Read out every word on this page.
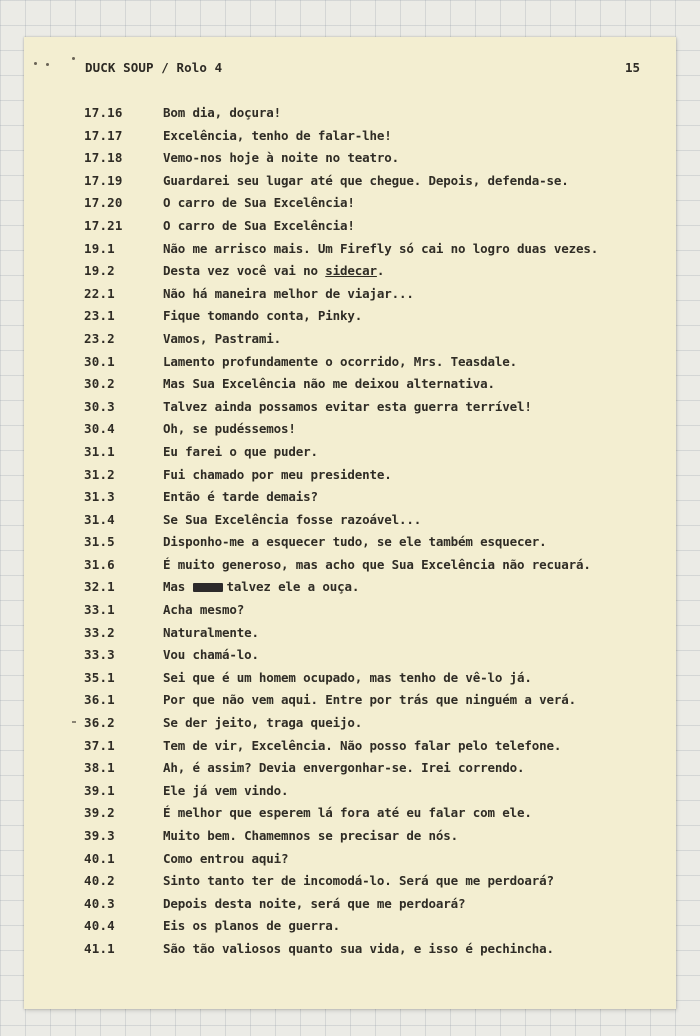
DUCK SOUP / Rolo 4	15
17.16	Bom dia, doçura!
17.17	Excelência, tenho de falar-lhe!
17.18	Vemo-nos hoje à noite no teatro.
17.19	Guardarei seu lugar até que chegue. Depois, defenda-se.
17.20	O carro de Sua Excelência!
17.21	O carro de Sua Excelência!
19.1	Não me arrisco mais. Um Firefly só cai no logro duas vezes.
19.2	Desta vez você vai no sidecar.
22.1	Não há maneira melhor de viajar...
23.1	Fique tomando conta, Pinky.
23.2	Vamos, Pastrami.
30.1	Lamento profundamente o ocorrido, Mrs. Teasdale.
30.2	Mas Sua Excelência não me deixou alternativa.
30.3	Talvez ainda possamos evitar esta guerra terrível!
30.4	Oh, se pudéssemos!
31.1	Eu farei o que puder.
31.2	Fui chamado por meu presidente.
31.3	Então é tarde demais?
31.4	Se Sua Excelência fosse razoável...
31.5	Disponho-me a esquecer tudo, se ele também esquecer.
31.6	É muito generoso, mas acho que Sua Excelência não recuará.
32.1	Mas	talvez ele a ouça.
33.1	Acha mesmo?
33.2	Naturalmente.
33.3	Vou chamá-lo.
35.1	Sei que é um homem ocupado, mas tenho de vê-lo já.
36.1	Por que não vem aqui. Entre por trás que ninguém a verá.
36.2	Se der jeito, traga queijo.
37.1	Tem de vir, Excelência. Não posso falar pelo telefone.
38.1	Ah, é assim? Devia envergonhar-se. Irei correndo.
39.1	Ele já vem vindo.
39.2	É melhor que esperem lá fora até eu falar com ele.
39.3	Muito bem. Chamemnos se precisar de nós.
40.1	Como entrou aqui?
40.2	Sinto tanto ter de incomodá-lo. Será que me perdoará?
40.3	Depois desta noite, será que me perdoará?
40.4	Eis os planos de guerra.
41.1	São tão valiosos quanto sua vida, e isso é pechincha.
